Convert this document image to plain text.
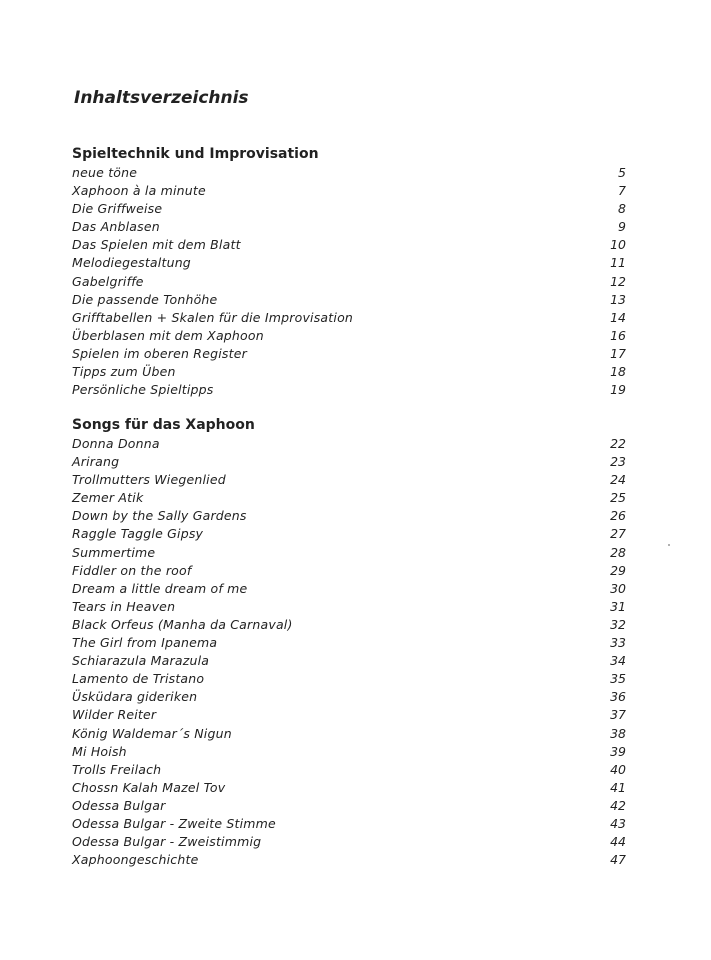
Inhaltsverzeichnis
Spieltechnik und Improvisation
neue töne	5
Xaphoon à la minute	7
Die Griffweise	8
Das Anblasen	9
Das Spielen mit dem Blatt	10
Melodiegestaltung	11
Gabelgriffe	12
Die passende Tonhöhe	13
Grifftabellen + Skalen für die Improvisation	14
Überblasen mit dem Xaphoon	16
Spielen im oberen Register	17
Tipps zum Üben	18
Persönliche Spieltipps	19
Songs für das Xaphoon
Donna Donna	22
Arirang	23
Trollmutters Wiegenlied	24
Zemer Atik	25
Down by the Sally Gardens	26
Raggle Taggle Gipsy	27
Summertime	28
Fiddler on the roof	29
Dream a little dream of me	30
Tears in Heaven	31
Black Orfeus (Manha da Carnaval)	32
The Girl from Ipanema	33
Schiarazula Marazula	34
Lamento de Tristano	35
Üsküdara gideriken	36
Wilder Reiter	37
König Waldemar´s Nigun	38
Mi Hoish	39
Trolls Freilach	40
Chossn Kalah Mazel Tov	41
Odessa Bulgar	42
Odessa Bulgar - Zweite Stimme	43
Odessa Bulgar - Zweistimmig	44
Xaphoongeschichte	47
